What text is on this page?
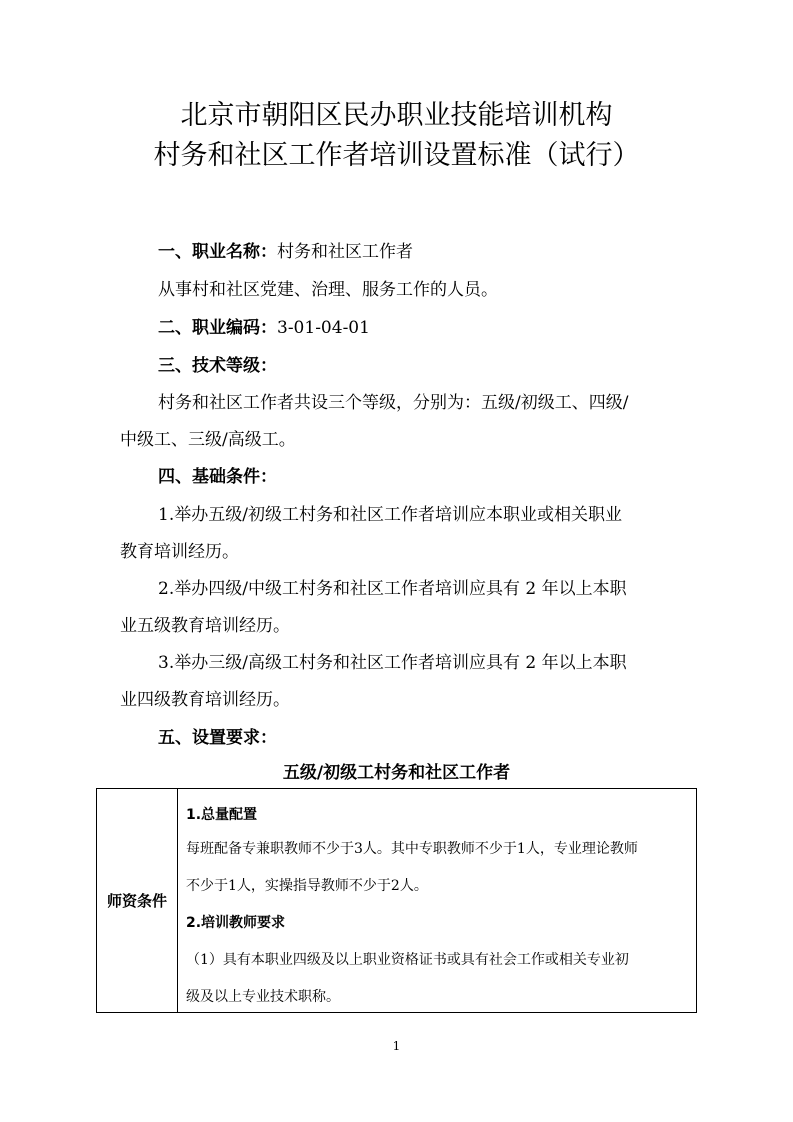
北京市朝阳区民办职业技能培训机构
村务和社区工作者培训设置标准（试行）
一、职业名称：村务和社区工作者
从事村和社区党建、治理、服务工作的人员。
二、职业编码：3-01-04-01
三、技术等级：
村务和社区工作者共设三个等级，分别为：五级/初级工、四级/
中级工、三级/高级工。
四、基础条件：
1.举办五级/初级工村务和社区工作者培训应本职业或相关职业
教育培训经历。
2.举办四级/中级工村务和社区工作者培训应具有 2 年以上本职
业五级教育培训经历。
3.举办三级/高级工村务和社区工作者培训应具有 2 年以上本职
业四级教育培训经历。
五、设置要求：
五级/初级工村务和社区工作者
师资条件
1.总量配置
每班配备专兼职教师不少于3人。其中专职教师不少于1人，专业理论教师
不少于1人，实操指导教师不少于2人。
2.培训教师要求
（1）具有本职业四级及以上职业资格证书或具有社会工作或相关专业初
级及以上专业技术职称。
1
